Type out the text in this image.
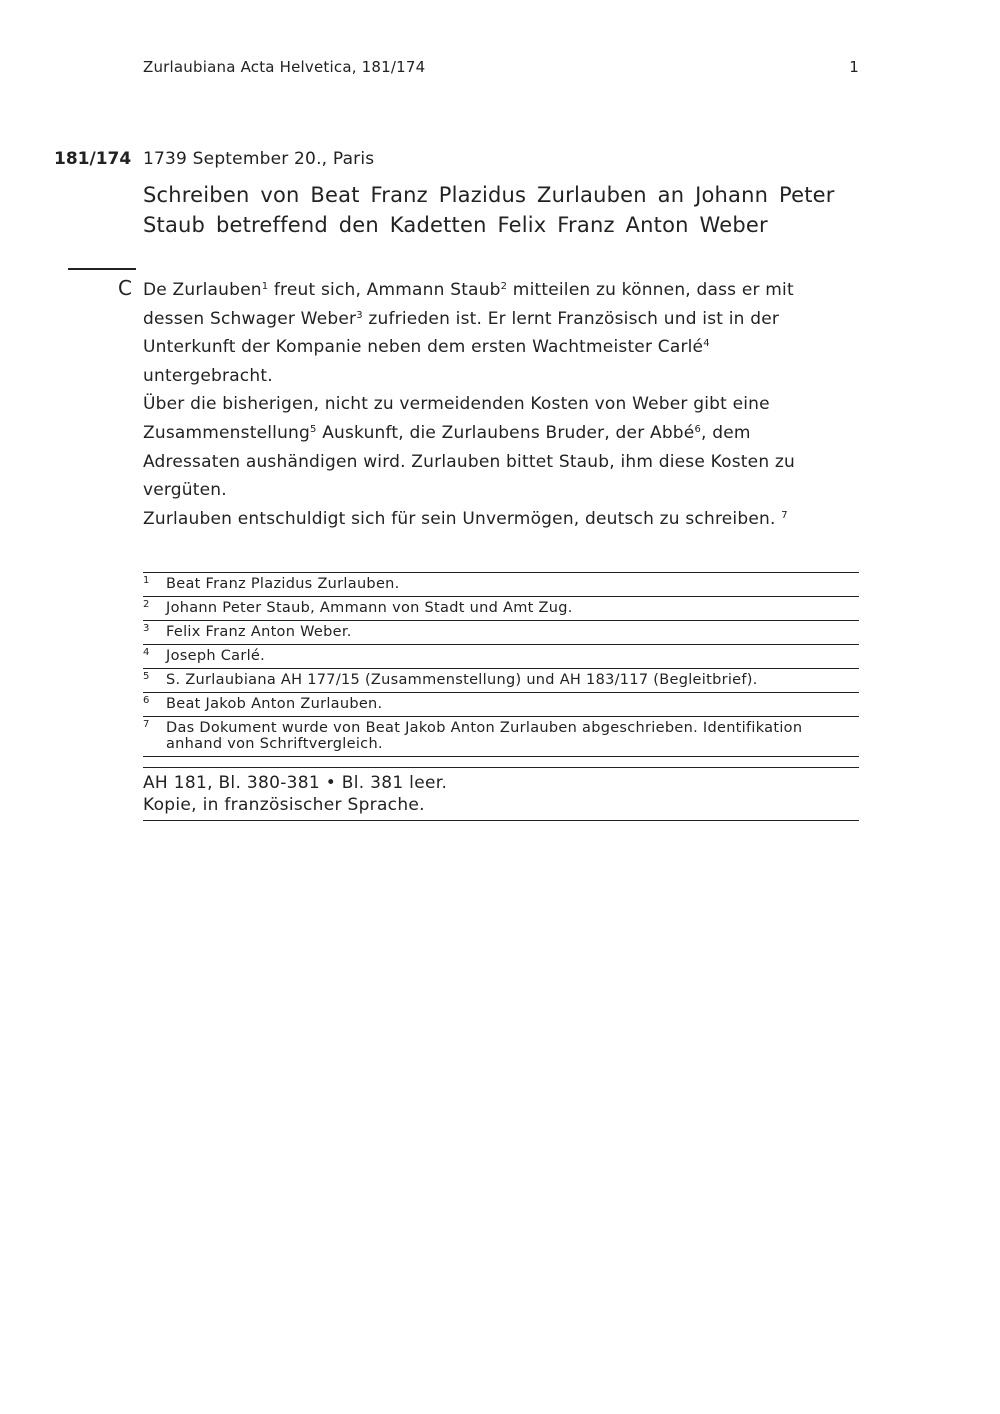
Zurlaubiana Acta Helvetica, 181/174	1
181/174 1739 September 20., Paris
Schreiben von Beat Franz Plazidus Zurlauben an Johann Peter Staub betreffend den Kadetten Felix Franz Anton Weber
C De Zurlauben$^1$ freut sich, Ammann Staub$^2$ mitteilen zu können, dass er mit dessen Schwager Weber$^3$ zufrieden ist. Er lernt Französisch und ist in der Unterkunft der Kompanie neben dem ersten Wachtmeister Carlé$^4$ untergebracht.

Über die bisherigen, nicht zu vermeidenden Kosten von Weber gibt eine Zusammenstellung$^5$ Auskunft, die Zurlaubens Bruder, der Abbé$^6$, dem Adressaten aushändigen wird. Zurlauben bittet Staub, ihm diese Kosten zu vergüten.

Zurlauben entschuldigt sich für sein Unvermögen, deutsch zu schreiben. $^7$

1 Beat Franz Plazidus Zurlauben.
2 Johann Peter Staub, Ammann von Stadt und Amt Zug.
3 Felix Franz Anton Weber.
4 Joseph Carlé.
5 S. Zurlaubiana AH 177/15 (Zusammenstellung) und AH 183/117 (Begleitbrief).
6 Beat Jakob Anton Zurlauben.
7 Das Dokument wurde von Beat Jakob Anton Zurlauben abgeschrieben. Identifikation anhand von Schriftvergleich.
AH 181, Bl. 380-381 • Bl. 381 leer.
Kopie, in französischer Sprache.
